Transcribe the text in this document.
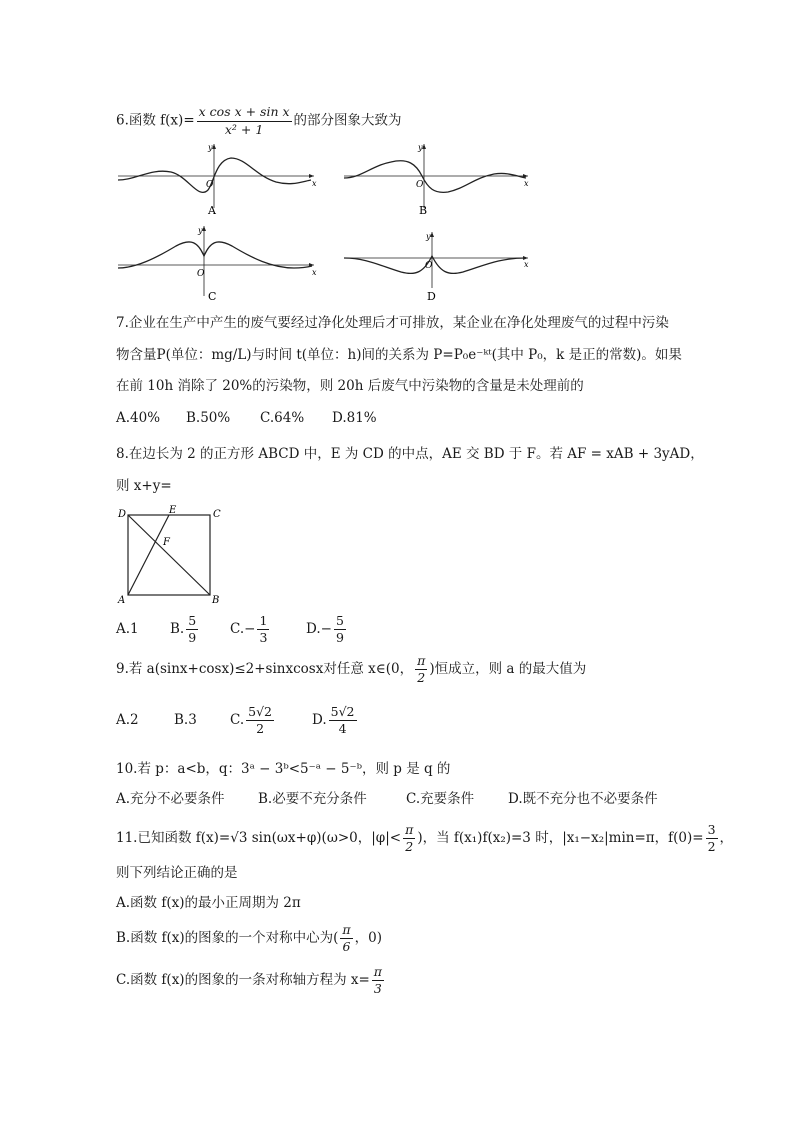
6.函数 $f(x)= \frac{\text{x cos x + sin x}}{\text{x² + 1}}$ 的部分图象大致为
O
y
x
A
O
y
x
B
O
y
x
C
O
y
x
D
7.企业在生产中产生的废气要经过净化处理后才可排放，某企业在净化处理废气的过程中污染
物含量P(单位：mg/L)与时间 t(单位：h)间的关系为 P=P₀e⁻ᵏᵗ(其中 P₀，k 是正的常数)。如果
在前 10h 消除了 20%的污染物，则 20h 后废气中污染物的含量是未处理前的
A.40% B.50% C.64% D.81%
8.在边长为 2 的正方形 ABCD 中，E 为 CD 的中点，AE 交 BD 于 F。若 AF = xAB + 3yAD，
则 x+y=
D	C
A	B
E
F
A.1 B. $\frac{5}{9} C.- \frac{1}{3}$	$D.- \frac{5}{9}$
9.若 a(sinx+cosx)≤2+sinxcosx对任意 x∈(0， $\frac{\pi}{2}$ )恒成立，则 a 的最大值为
A.2	B.3 C. $\frac{5√2}{2}$	D. $\frac{5√2}{4}$
10.若 p：a<b，q：3ᵃ − 3ᵇ<5⁻ᵃ − 5⁻ᵇ，则 p 是 q 的
A.充分不必要条件 B.必要不充分条件	C.充要条件	D.既不充分也不必要条件
11.已知函数 f(x)=√3 sin(ωx+φ)(ω>0，$|\varphi|< \frac{\pi}{2}$ )，当 f(x₁)f(x₂)=3 时，|x₁−x₂|min=π，$f(0)= \frac{3}{2}$ ，
则下列结论正确的是
A.函数 f(x)的最小正周期为 2π
B.函数 f(x)的图象的一个对称中心为( $\frac{\pi}{6}$ ，0)
C.函数 f(x)的图象的一条对称轴方程为 $x= \frac{\pi}{3}$
